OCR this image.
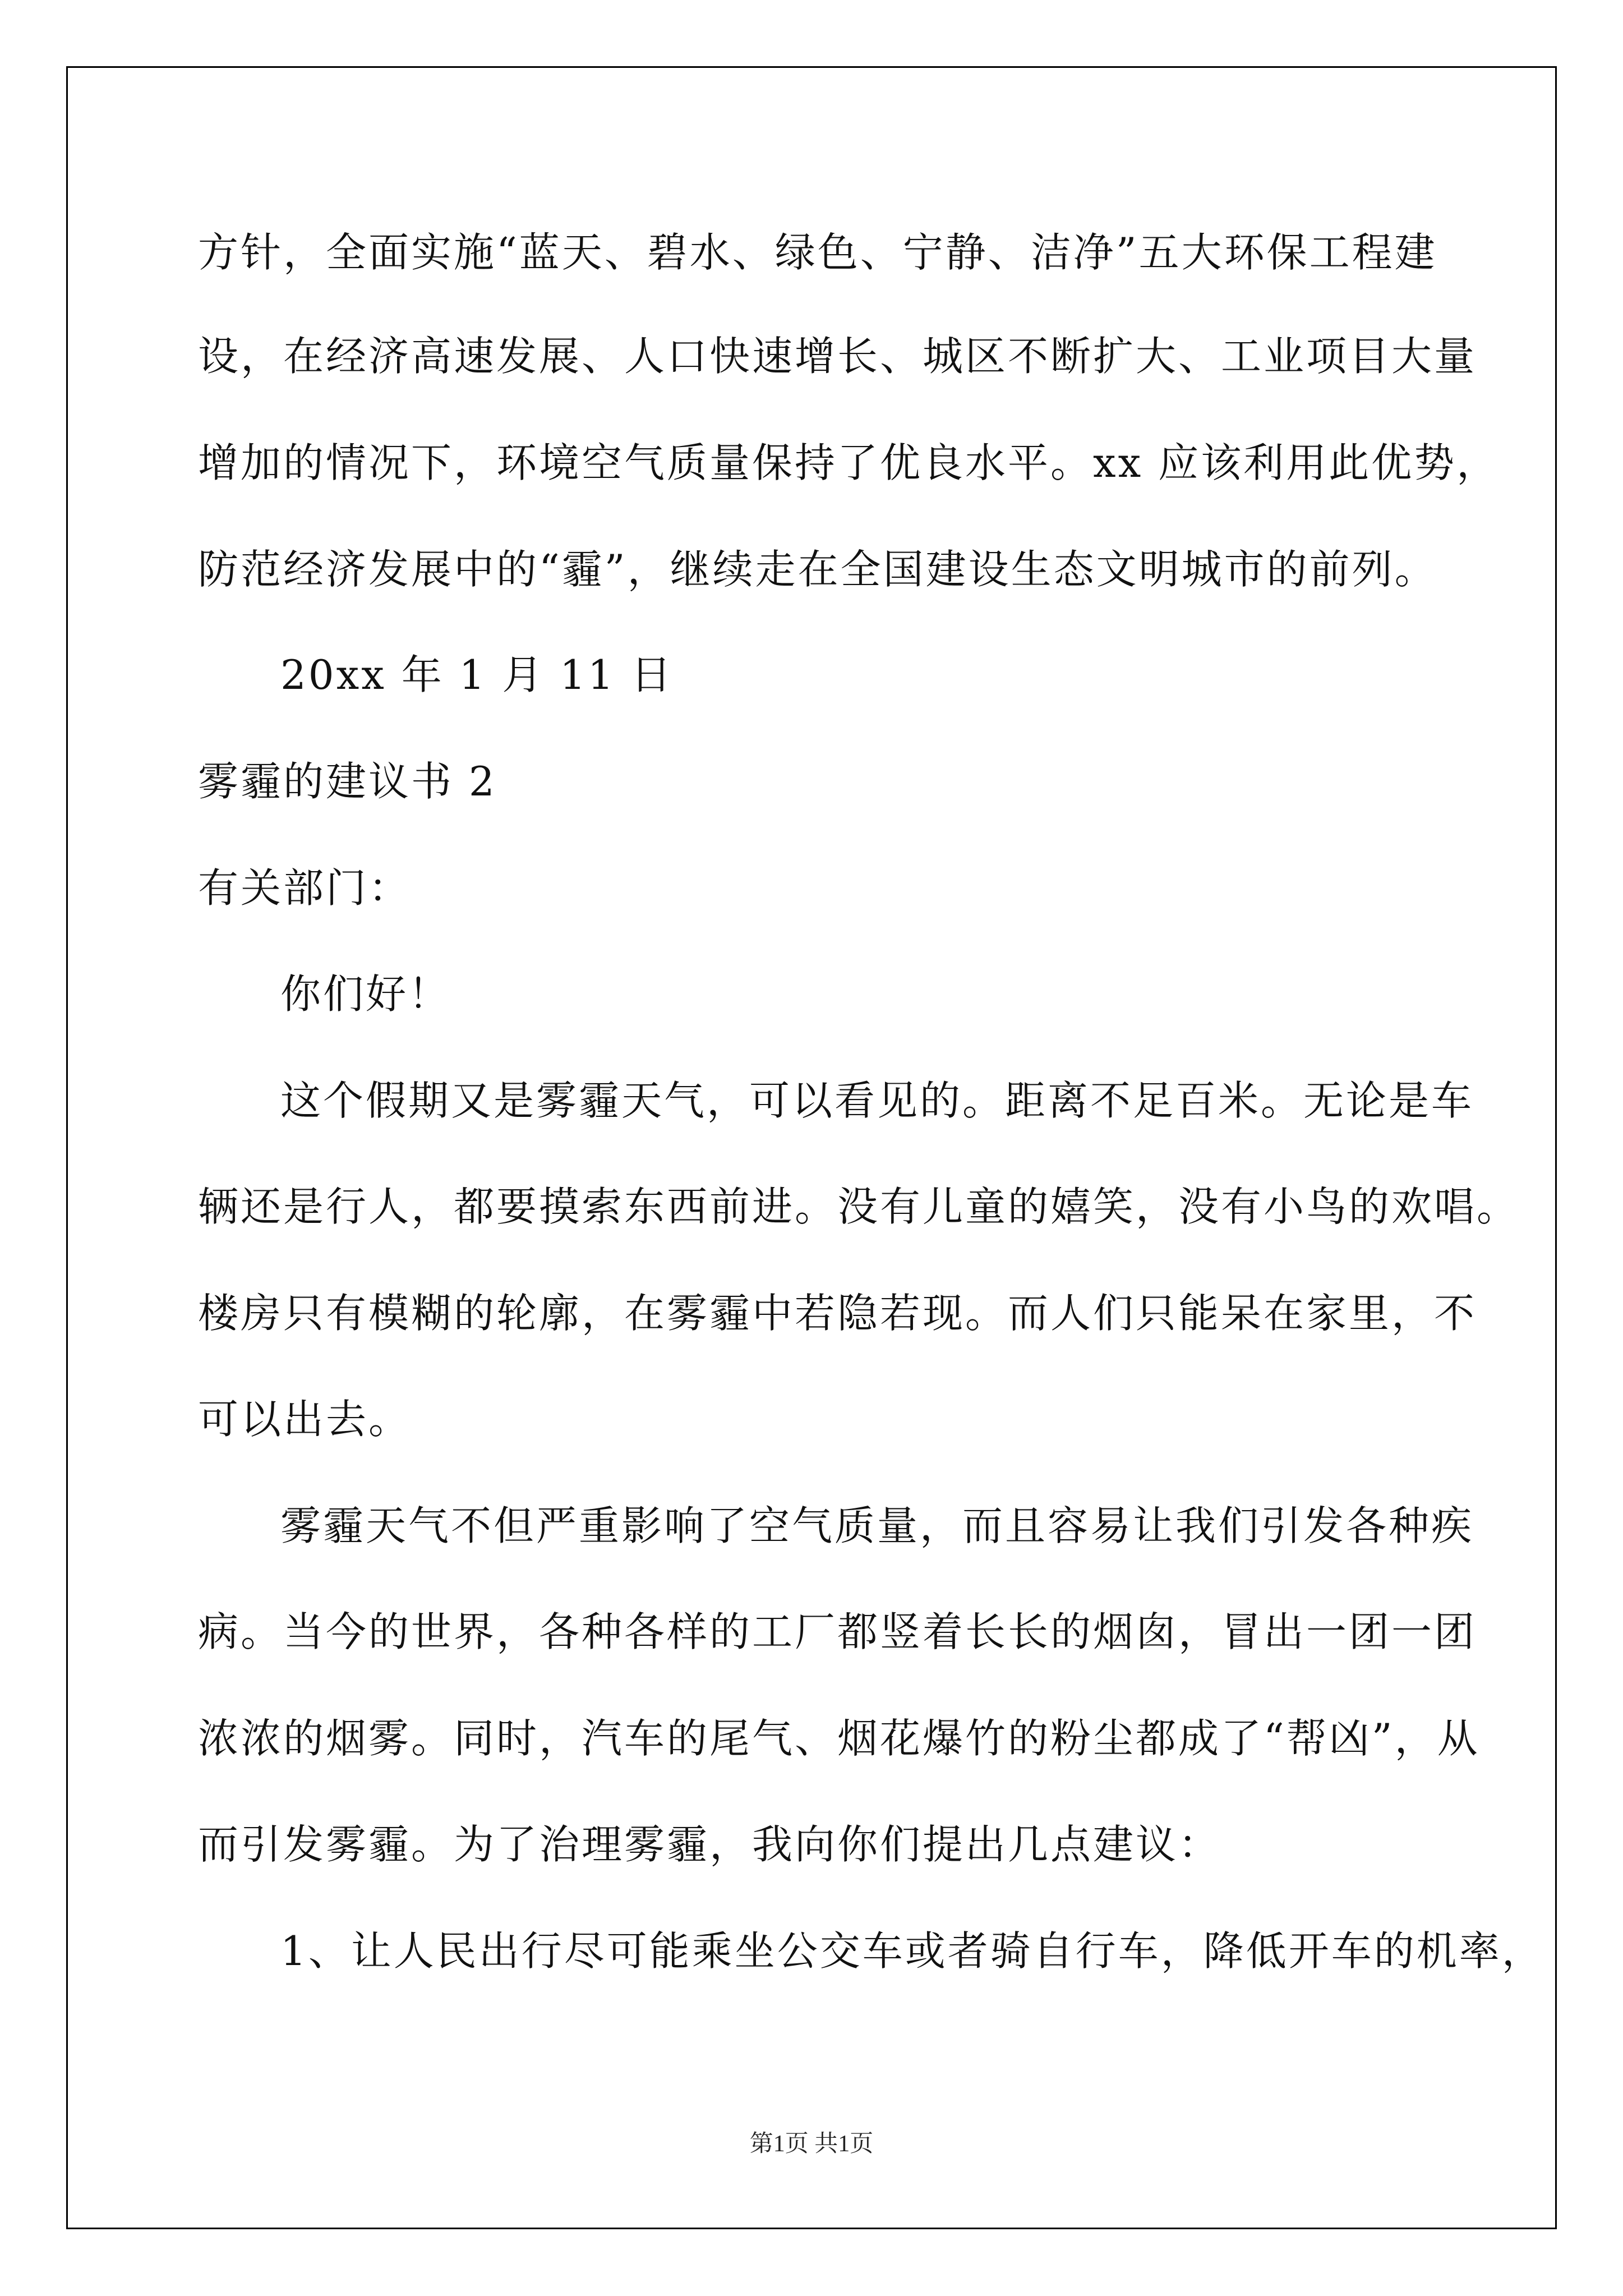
方针，全面实施“蓝天、碧水、绿色、宁静、洁净”五大环保工程建
设，在经济高速发展、人口快速增长、城区不断扩大、工业项目大量
增加的情况下，环境空气质量保持了优良水平。xx 应该利用此优势，
防范经济发展中的“霾”，继续走在全国建设生态文明城市的前列。
20xx 年 1 月 11 日
雾霾的建议书 2
有关部门：
你们好！
这个假期又是雾霾天气，可以看见的。距离不足百米。无论是车
辆还是行人，都要摸索东西前进。没有儿童的嬉笑，没有小鸟的欢唱。
楼房只有模糊的轮廓，在雾霾中若隐若现。而人们只能呆在家里，不
可以出去。
雾霾天气不但严重影响了空气质量，而且容易让我们引发各种疾
病。当今的世界，各种各样的工厂都竖着长长的烟囱，冒出一团一团
浓浓的烟雾。同时，汽车的尾气、烟花爆竹的粉尘都成了“帮凶”，从
而引发雾霾。为了治理雾霾，我向你们提出几点建议：
1、让人民出行尽可能乘坐公交车或者骑自行车，降低开车的机率，
第1页 共1页
